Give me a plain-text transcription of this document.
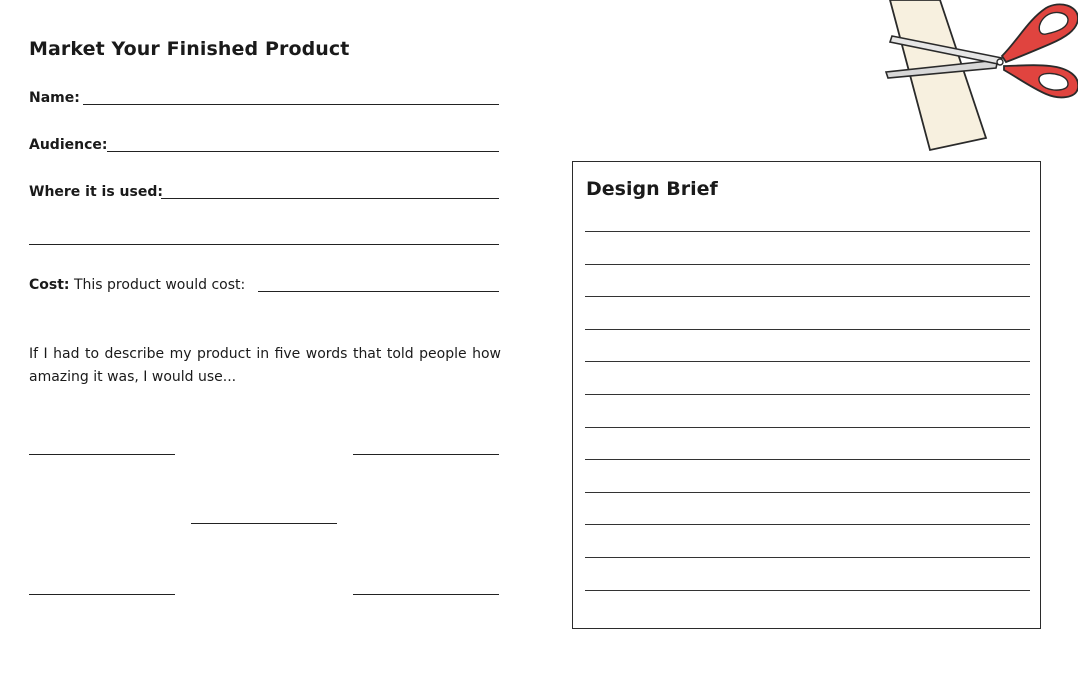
Market Your Finished Product
Name:
Audience:
Where it is used:
Cost: This product would cost:
If I had to describe my product in five words that told people how amazing it was, I would use...
Design Brief
